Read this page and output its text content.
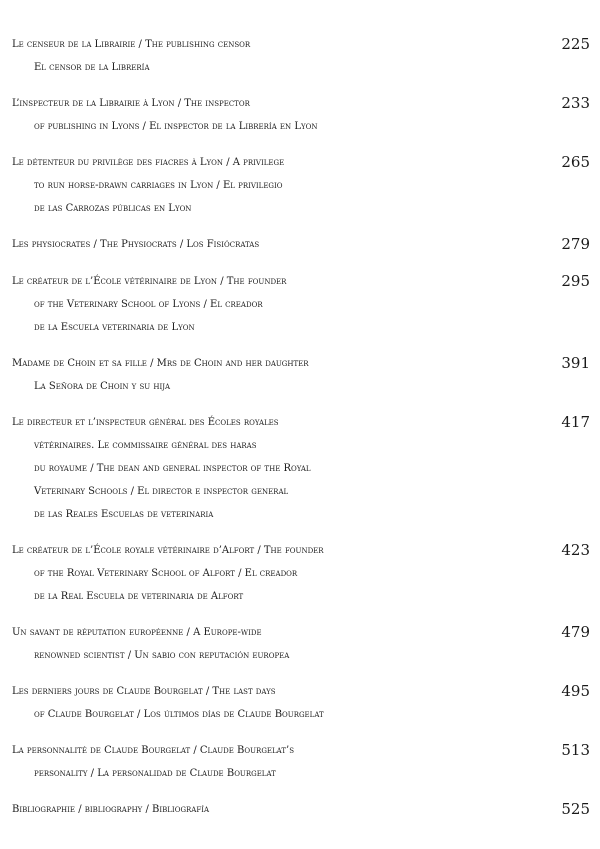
Le censeur de la Librairie / The publishing censor
El censor de la Librería
225
L’inspecteur de la Librairie à Lyon / The inspector
of publishing in Lyons / El inspector de la Librería en Lyon
233
Le détenteur du privilège des fiacres à Lyon / A privilege
to run horse-drawn carriages in Lyon / El privilegio
de las Carrozas públicas en Lyon
265
Les physiocrates / The Physiocrats / Los Fisiócratas	279
Le créateur de l’École vétérinaire de Lyon / The founder
of the Veterinary School of Lyons / El creador
de la Escuela veterinaria de Lyon
295
Madame de Choin et sa fille / Mrs de Choin and her daughter
La Señora de Choin y su hija
391
Le directeur et l’inspecteur général des Écoles royales
vétérinaires. Le commissaire général des haras
du royaume / The dean and general inspector of the Royal
Veterinary Schools / El director e inspector general
de las Reales Escuelas de veterinaria
417
Le créateur de l’École royale vétérinaire d’Alfort / The founder
of the Royal Veterinary School of Alfort / El creador
de la Real Escuela de veterinaria de Alfort
423
Un savant de réputation européenne / A Europe-wide
renowned scientist / Un sabio con reputación europea
479
Les derniers jours de Claude Bourgelat / The last days
of Claude Bourgelat / Los últimos días de Claude Bourgelat
495
La personnalité de Claude Bourgelat / Claude Bourgelat’s
personality / La personalidad de Claude Bourgelat
513
Bibliographie / bibliography / Bibliografía	525
